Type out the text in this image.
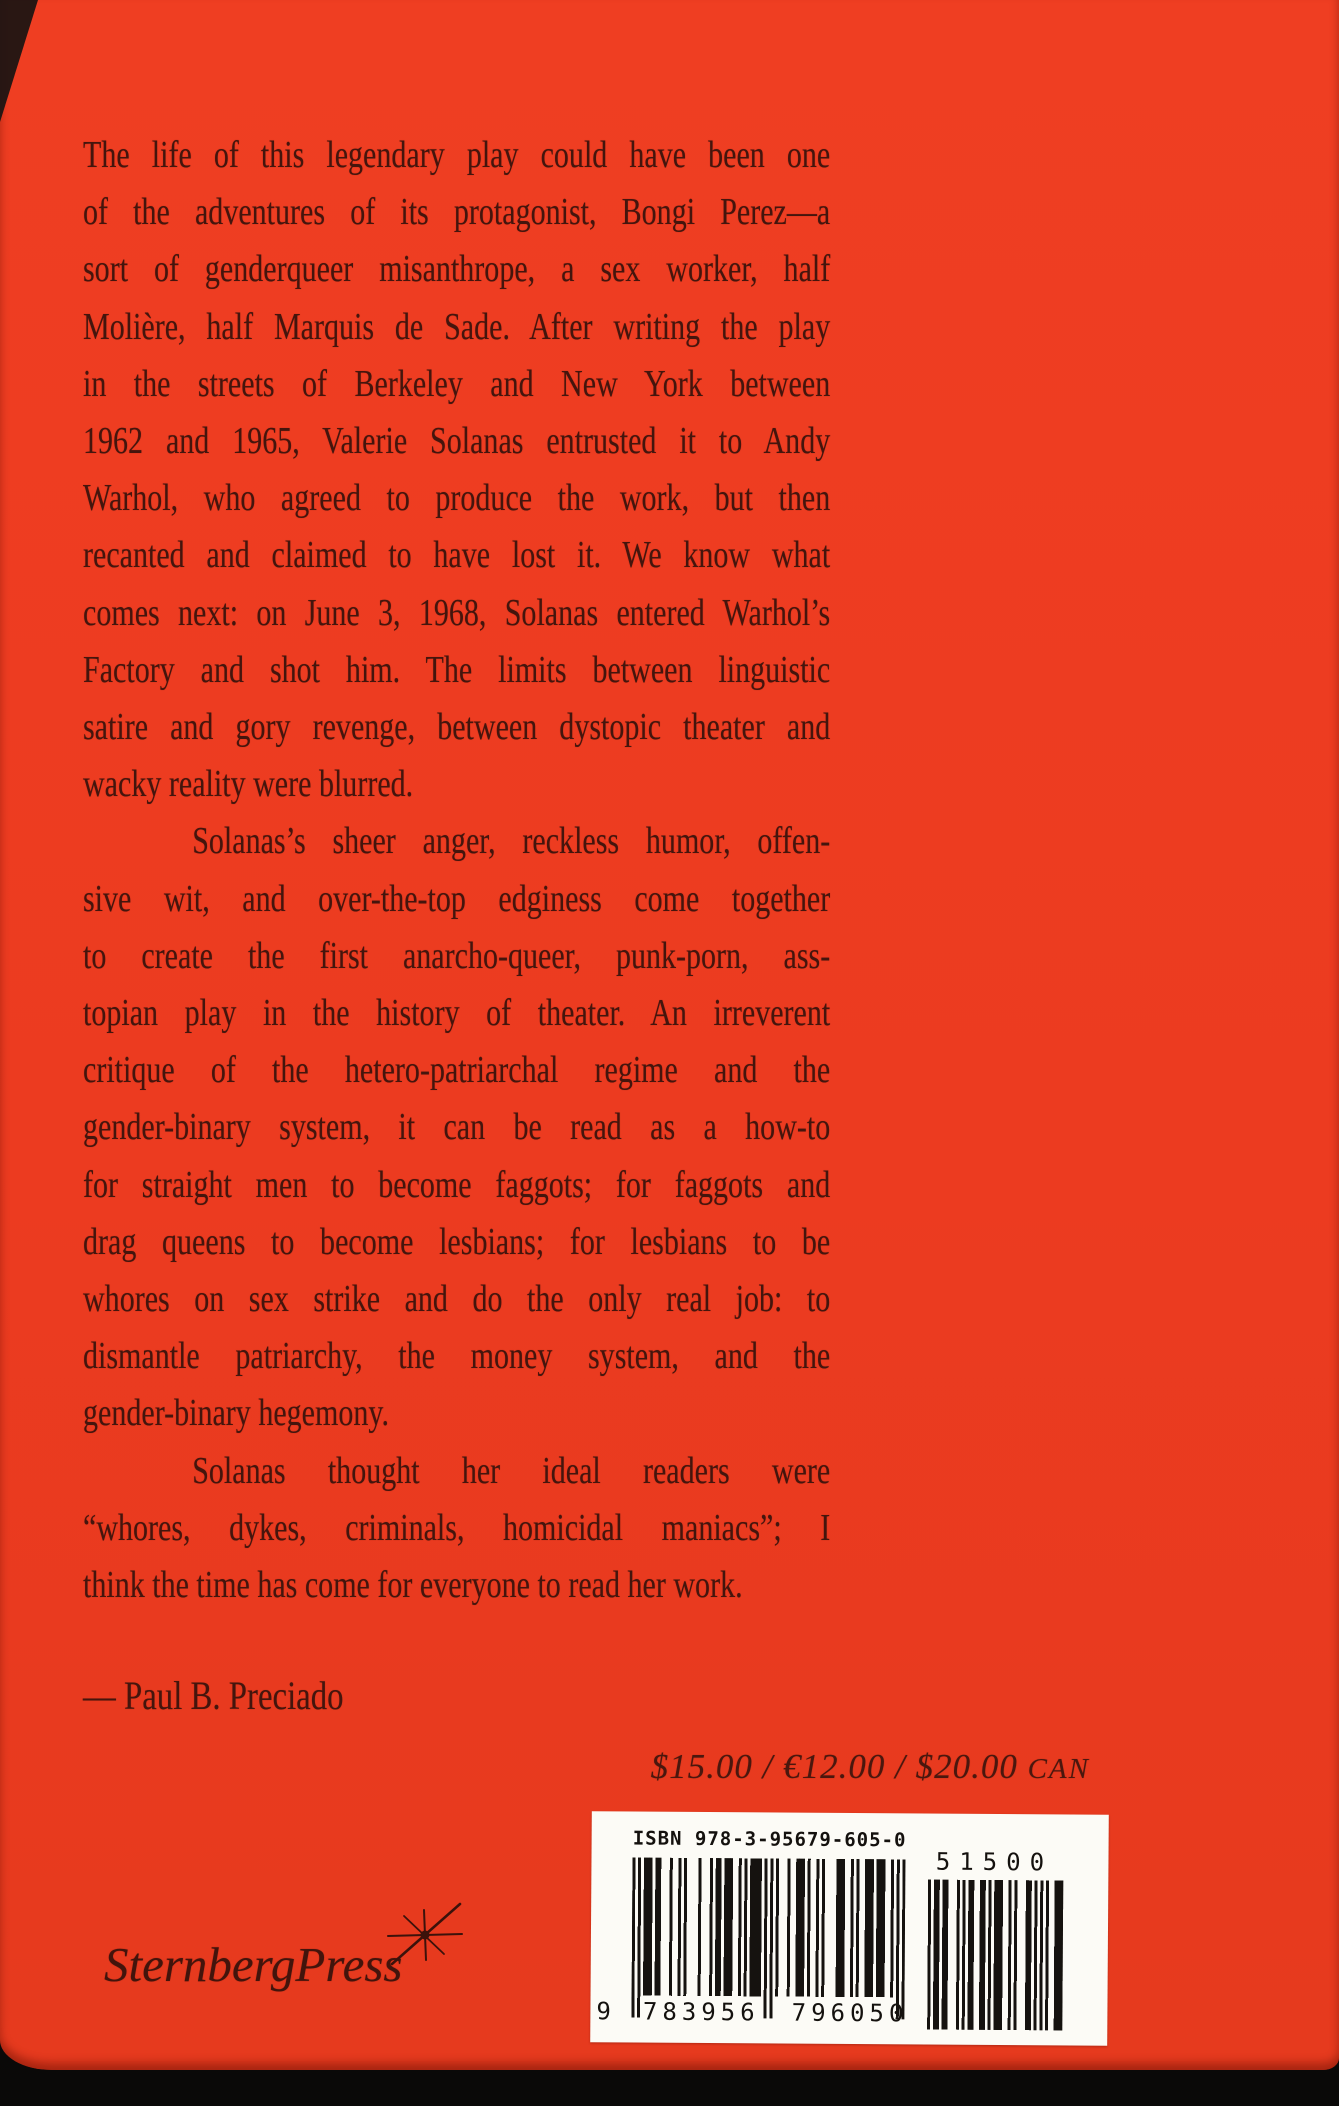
The life of this legendary play could have been one
of the adventures of its protagonist, Bongi Perez—a
sort of genderqueer misanthrope, a sex worker, half
Molière, half Marquis de Sade. After writing the play
in the streets of Berkeley and New York between
1962 and 1965, Valerie Solanas entrusted it to Andy
Warhol, who agreed to produce the work, but then
recanted and claimed to have lost it. We know what
comes next: on June 3, 1968, Solanas entered Warhol’s
Factory and shot him. The limits between linguistic
satire and gory revenge, between dystopic theater and
wacky reality were blurred.
Solanas’s sheer anger, reckless humor, offen-
sive wit, and over-the-top edginess come together
to create the first anarcho-queer, punk-porn, ass-
topian play in the history of theater. An irreverent
critique of the hetero-patriarchal regime and the
gender-binary system, it can be read as a how-to
for straight men to become faggots; for faggots and
drag queens to become lesbians; for lesbians to be
whores on sex strike and do the only real job: to
dismantle patriarchy, the money system, and the
gender-binary hegemony.
Solanas thought her ideal readers were
“whores, dykes, criminals, homicidal maniacs”; I
think the time has come for everyone to read her work.
— Paul B. Preciado
$15.00 / €12.00 / $20.00 CAN
ISBN 978-3-95679-605-0
9 783956 796050
51500
SternbergPress
